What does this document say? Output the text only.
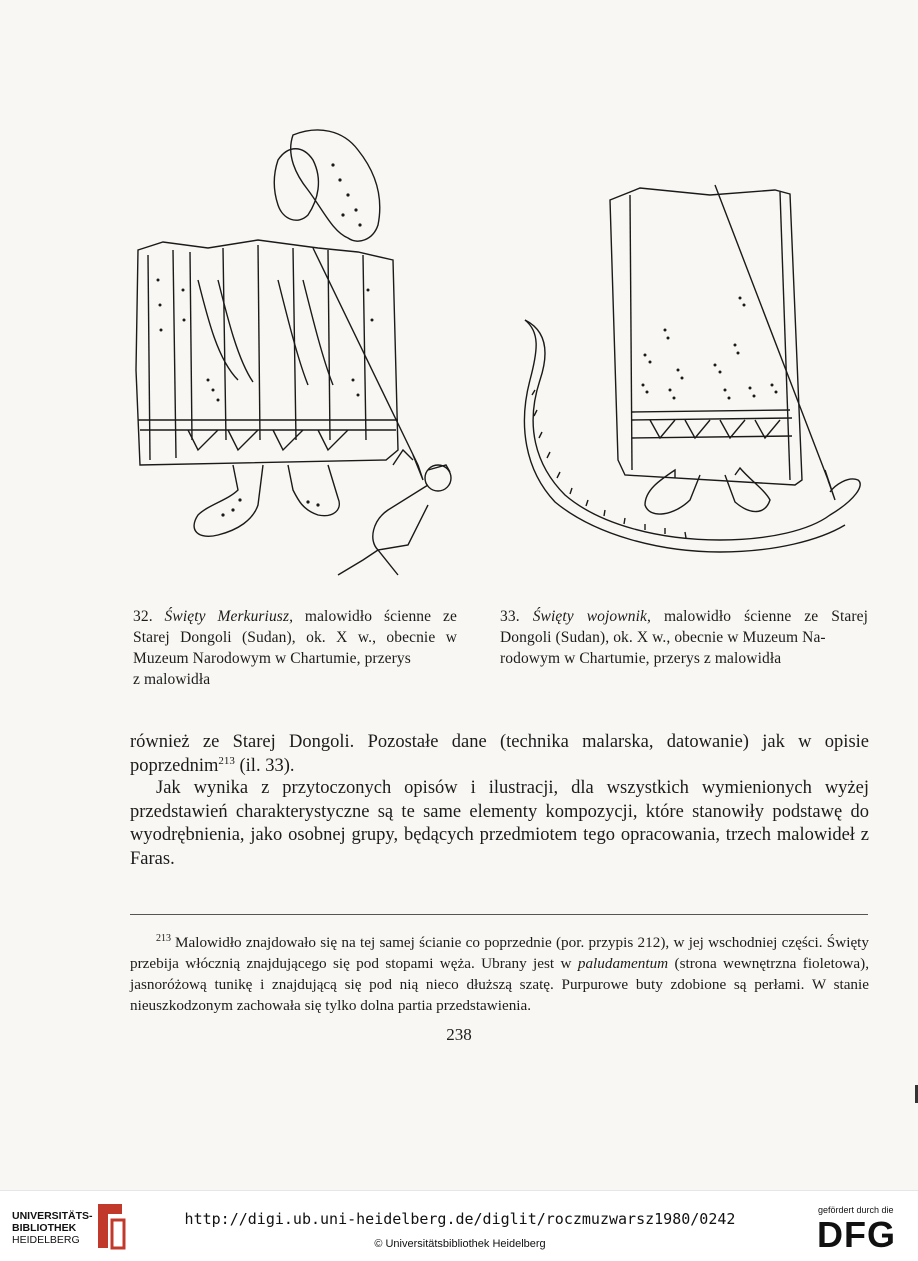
32. Święty Merkuriusz, malowidło ścienne ze Starej Dongoli (Sudan), ok. X w., obecnie w Muzeum Narodowym w Chartumie, przerys
z malowidła
33. Święty wojownik, malowidło ścienne ze Starej Dongoli (Sudan), ok. X w., obecnie w Muzeum Na-
rodowym w Chartumie, przerys z malowidła
również ze Starej Dongoli. Pozostałe dane (technika malarska, datowanie) jak w opisie poprzednim$^{213}$ (il. 33).
Jak wynika z przytoczonych opisów i ilustracji, dla wszystkich wymienionych wyżej przedstawień charakterystyczne są te same elementy kompozycji, które stanowiły podstawę do wyodrębnienia, jako osobnej grupy, będących przedmiotem tego opracowania, trzech malowideł z Faras.
$^{213}$ Malowidło znajdowało się na tej samej ścianie co poprzednie (por. przypis 212), w jej wschodniej części. Święty przebija włócznią znajdującego się pod stopami węża. Ubrany jest w paludamentum (strona wewnętrzna fioletowa), jasnoróżową tunikę i znajdującą się pod nią nieco dłuższą szatę. Purpurowe buty zdobione są perłami. W stanie nieuszkodzonym zachowała się tylko dolna partia przedstawienia.
238
UNIVERSITÄTS-
BIBLIOTHEK
HEIDELBERG
http://digi.ub.uni-heidelberg.de/diglit/roczmuzwarsz1980/0242
© Universitätsbibliothek Heidelberg
gefördert durch die
DFG
